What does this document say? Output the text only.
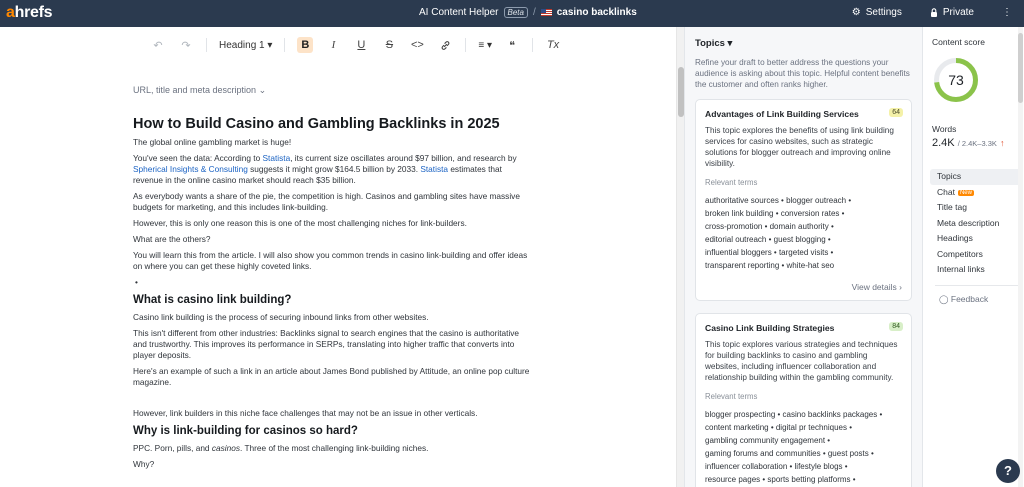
ahrefs	AI Content Helper	Beta / casino backlinks	⚙ Settings	Private	⋮
↶	↷	Heading 1 ▾	B	I	U	S	<>	≡ ▾	❝	Tx
URL, title and meta description ⌄
How to Build Casino and Gambling Backlinks in 2025

The global online gambling market is huge!

You've seen the data: According to Statista, its current size oscillates around $97 billion, and research by Spherical Insights & Consulting suggests it might grow $164.5 billion by 2033. Statista estimates that revenue in the online casino market should reach $35 billion.

As everybody wants a share of the pie, the competition is high. Casinos and gambling sites have massive budgets for marketing, and this includes link-building.

However, this is only one reason this is one of the most challenging niches for link-builders.

What are the others?

You will learn this from the article. I will also show you common trends in casino link-building and offer ideas on where you can get these highly coveted links.

•
What is casino link building?

Casino link building is the process of securing inbound links from other websites.

This isn't different from other industries: Backlinks signal to search engines that the casino is authoritative and trustworthy. This improves its performance in SERPs, translating into higher traffic that converts into player deposits.

Here's an example of such a link in an article about James Bond published by Attitude, an online pop culture magazine.

However, link builders in this niche face challenges that may not be an issue in other verticals.

Why is link-building for casinos so hard?

PPC. Porn, pills, and casinos. Three of the most challenging link-building niches.

Why?

Topics ▾
Refine your draft to better address the questions your audience is asking about this topic. Helpful content benefits the customer and often ranks higher.
Advantages of Link Building Services	64
This topic explores the benefits of using link building services for casino websites, such as strategic solutions for blogger outreach and improving online visibility.
Relevant terms
authoritative sources • blogger outreach •
broken link building • conversion rates •
cross-promotion • domain authority •
editorial outreach • guest blogging •
influential bloggers • targeted visits •
transparent reporting • white-hat seo
View details ›
Casino Link Building Strategies	84
This topic explores various strategies and techniques for building backlinks to casino and gambling websites, including influencer collaboration and relationship building within the gambling community.
Relevant terms
blogger prospecting • casino backlinks packages •
content marketing • digital pr techniques •
gambling community engagement •
gaming forums and communities • guest posts •
influencer collaboration • lifestyle blogs •
resource pages • sports betting platforms •
Content score
73
Words
2.4K / 2.4K–3.3K ↑
Topics
Chat New
Title tag
Meta description
Headings
Competitors
Internal links
◯ Feedback
?
